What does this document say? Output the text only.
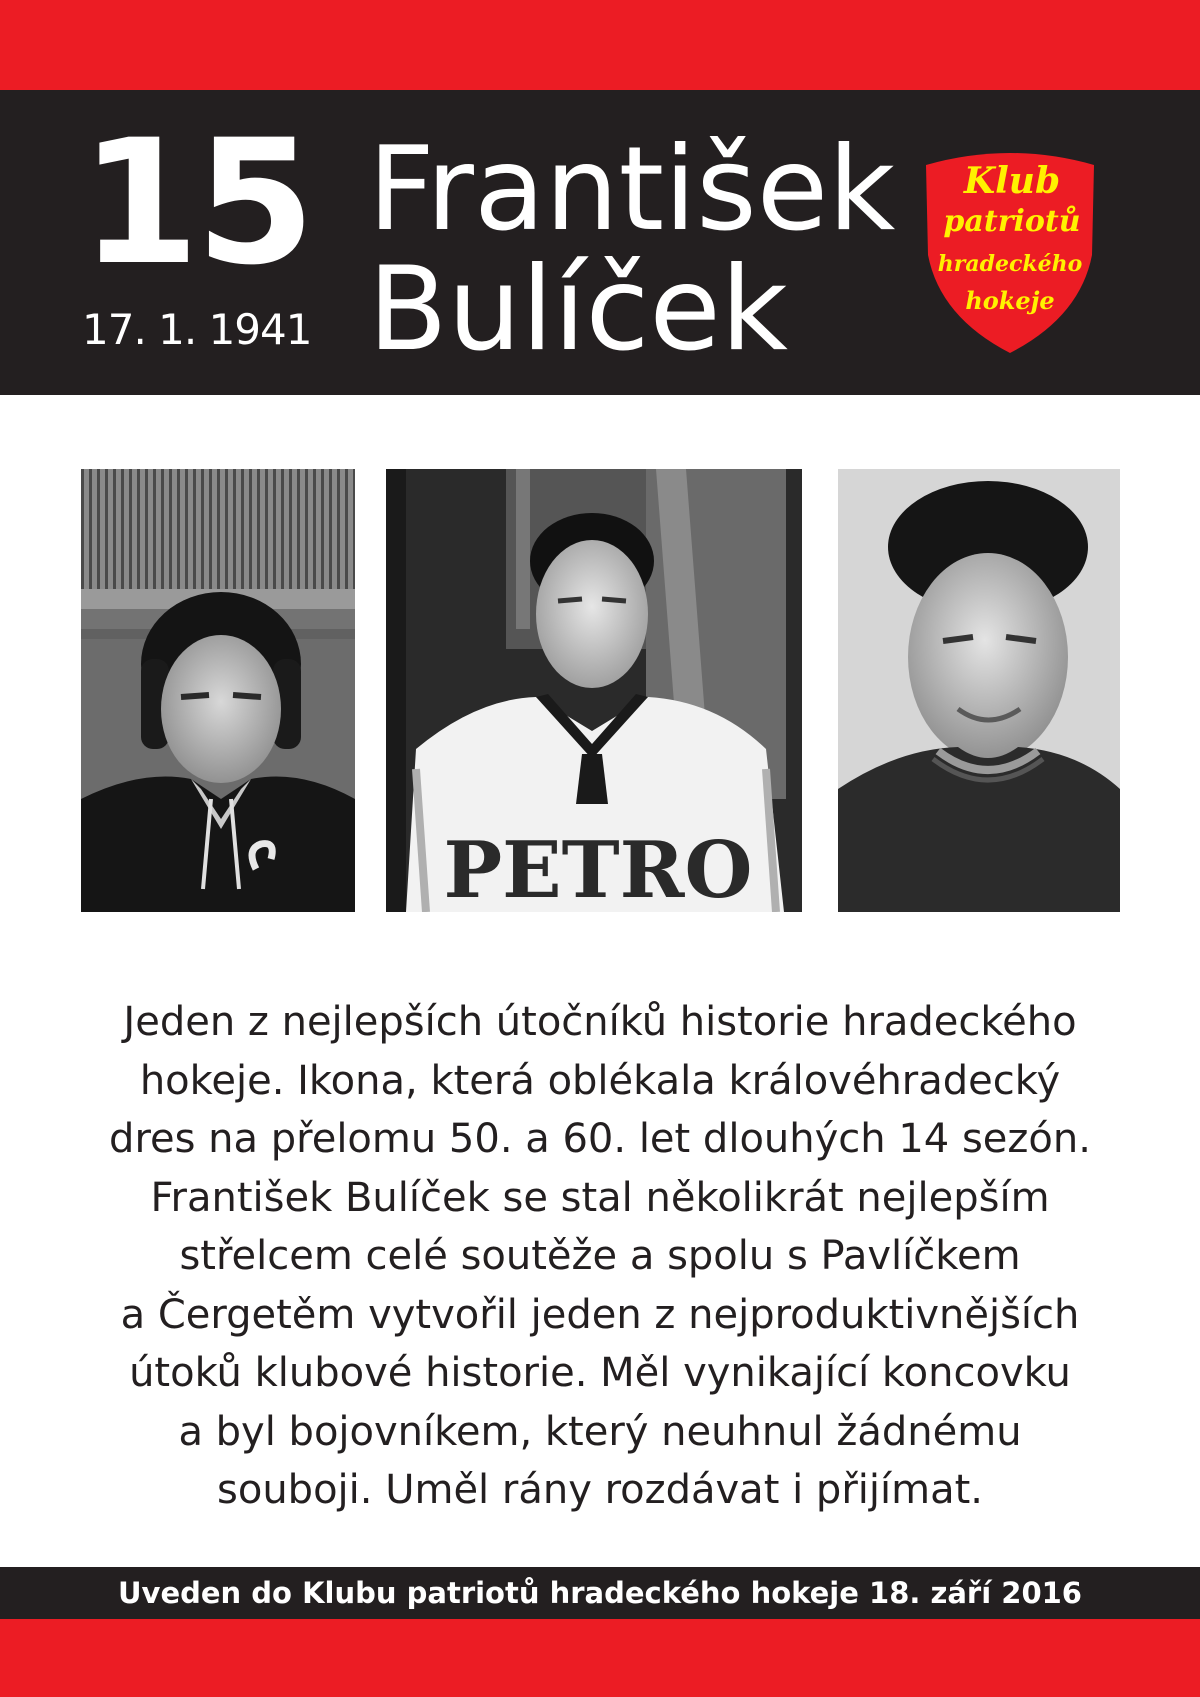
15
17. 1. 1941
František
Bulíček
Klub
patriotů
hradeckého
hokeje
PETRO
Jeden z nejlepších útočníků historie hradeckého
hokeje. Ikona, která oblékala královéhradecký
dres na přelomu 50. a 60. let dlouhých 14 sezón.
František Bulíček se stal několikrát nejlepším
střelcem celé soutěže a spolu s Pavlíčkem
a Čergetěm vytvořil jeden z nejproduktivnějších
útoků klubové historie. Měl vynikající koncovku
a byl bojovníkem, který neuhnul žádnému
souboji. Uměl rány rozdávat i přijímat.
Uveden do Klubu patriotů hradeckého hokeje 18. září 2016
